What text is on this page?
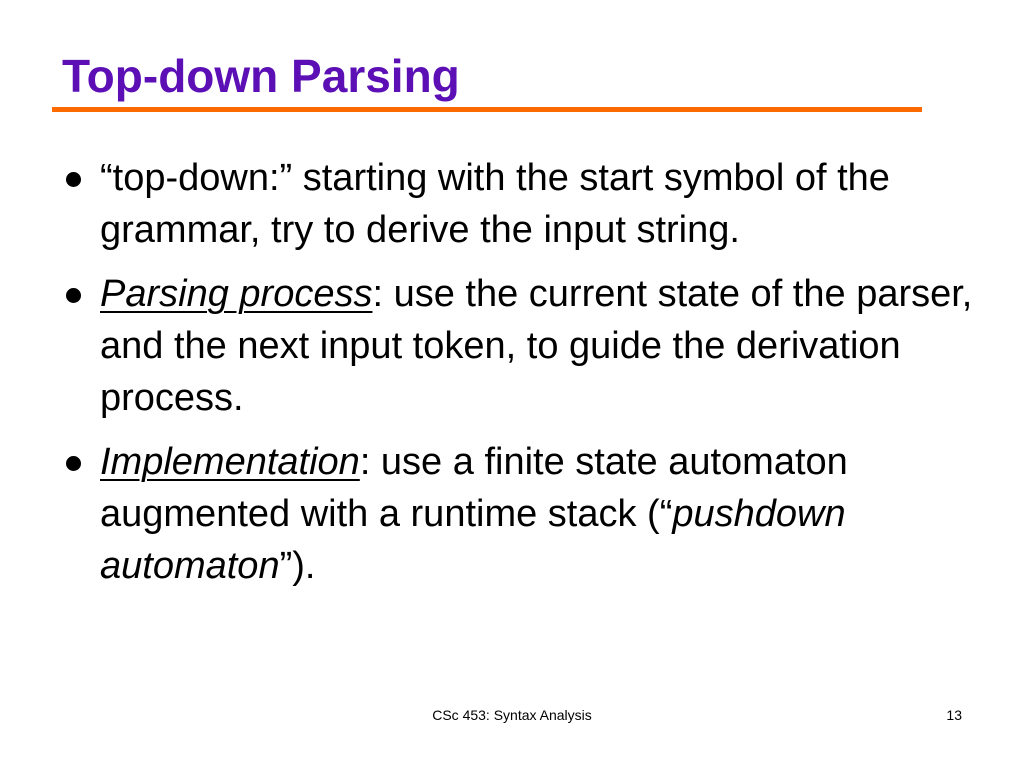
Top-down Parsing
“top-down:” starting with the start symbol of the grammar, try to derive the input string.
Parsing process: use the current state of the parser, and the next input token, to guide the derivation process.
Implementation: use a finite state automaton augmented with a runtime stack (“pushdown automaton”).
CSc 453: Syntax Analysis	13
